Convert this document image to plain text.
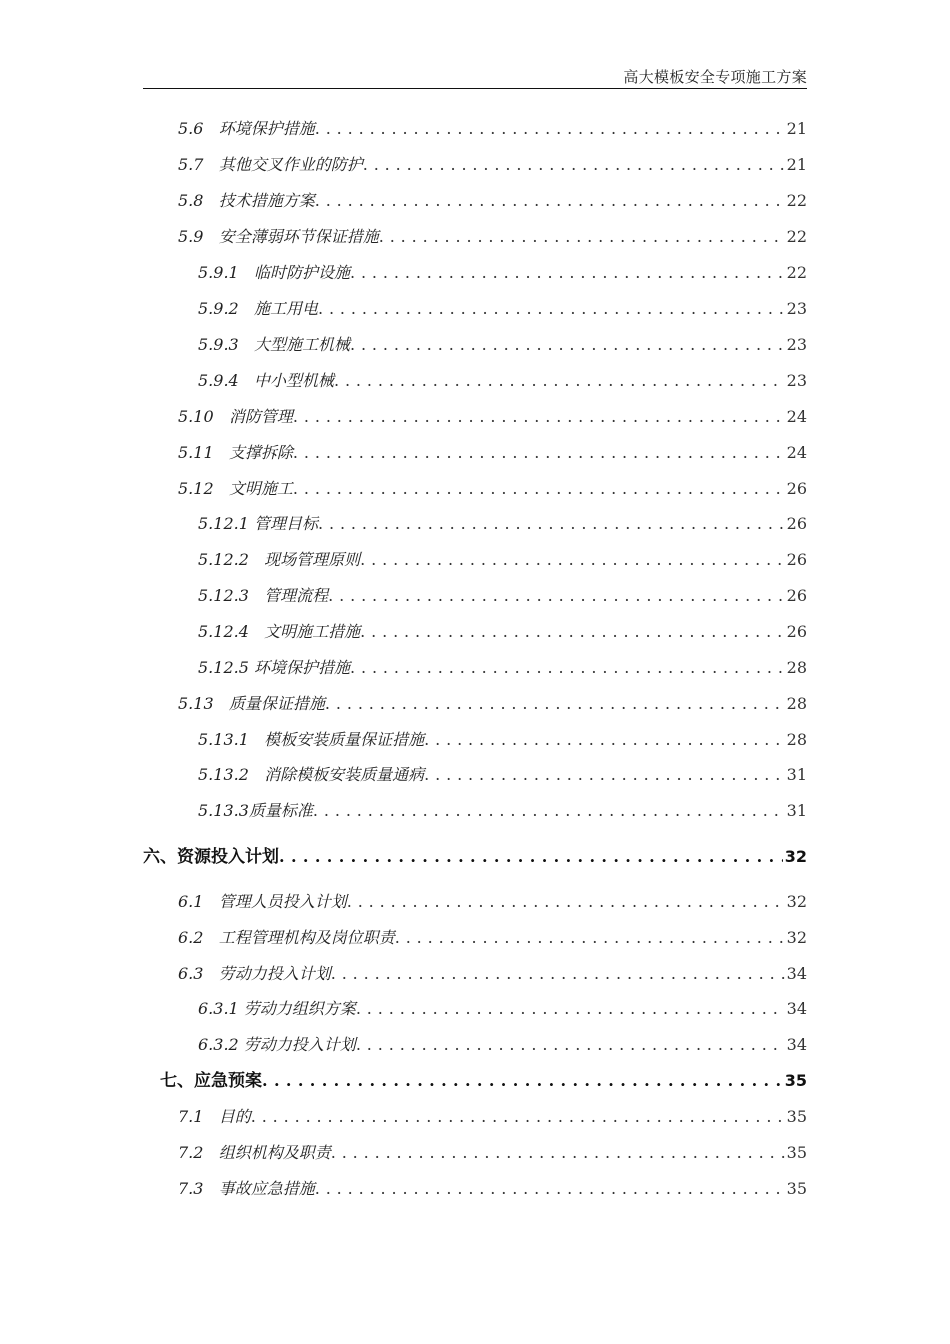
高大模板安全专项施工方案
5.6 环境保护措施 . . .	21
5.7 其他交叉作业的防护 . . .	21
5.8 技术措施方案 . . .	22
5.9 安全薄弱环节保证措施 . . .	22
5.9.1 临时防护设施 . . .	22
5.9.2 施工用电 . . .	23
5.9.3 大型施工机械 . . .	23
5.9.4 中小型机械 . . .	23
5.10 消防管理 . . .	24
5.11 支撑拆除 . . .	24
5.12 文明施工 . . .	26
5.12.1 管理目标 . . .	26
5.12.2 现场管理原则 . . .	26
5.12.3 管理流程 . . .	26
5.12.4 文明施工措施 . . .	26
5.12.5 环境保护措施 . . .	28
5.13 质量保证措施 . . .	28
5.13.1 模板安装质量保证措施 . . .	28
5.13.2 消除模板安装质量通病 . . .	31
5.13.3 质量标准 . . .	31
六、 资源投入计划 . . .	32
6.1 管理人员投入计划 . . .	32
6.2 工程管理机构及岗位职责 . . .	32
6.3 劳动力投入计划 . . .	34
6.3.1 劳动力组织方案 . . .	34
6.3.2 劳动力投入计划 . . .	34
七、 应急预案 . . .	35
7.1 目的 . . .	35
7.2 组织机构及职责 . . .	35
7.3 事故应急措施 . . .	35
